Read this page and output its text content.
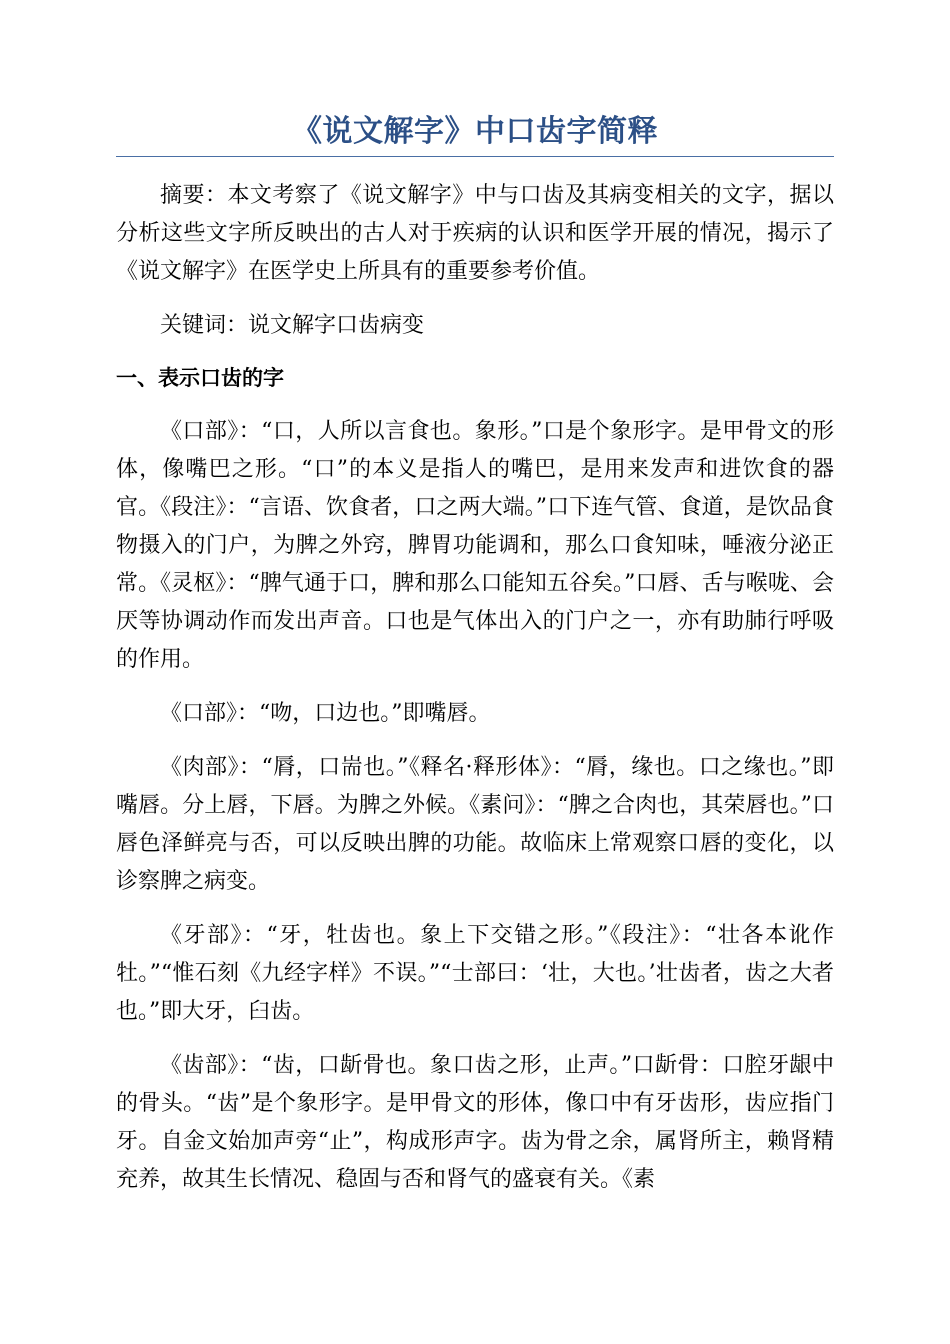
《说文解字》中口齿字简释

摘要：本文考察了《说文解字》中与口齿及其病变相关的文字，据以分析这些文字所反映出的古人对于疾病的认识和医学开展的情况，揭示了《说文解字》在医学史上所具有的重要参考价值。

关键词：说文解字口齿病变

一、表示口齿的字

《口部》：“口，人所以言食也。象形。”口是个象形字。是甲骨文的形体，像嘴巴之形。“口”的本义是指人的嘴巴，是用来发声和进饮食的器官。《段注》：“言语、饮食者，口之两大端。”口下连气管、食道，是饮品食物摄入的门户，为脾之外窍，脾胃功能调和，那么口食知味，唾液分泌正常。《灵枢》：“脾气通于口，脾和那么口能知五谷矣。”口唇、舌与喉咙、会厌等协调动作而发出声音。口也是气体出入的门户之一，亦有助肺行呼吸的作用。

《口部》：“吻，口边也。”即嘴唇。

《肉部》：“脣，口耑也。”《释名·释形体》：“脣，缘也。口之缘也。”即嘴唇。分上唇，下唇。为脾之外候。《素问》：“脾之合肉也，其荣唇也。”口唇色泽鲜亮与否，可以反映出脾的功能。故临床上常观察口唇的变化，以诊察脾之病变。

《牙部》：“牙，牡齿也。象上下交错之形。”《段注》：“壮各本讹作牡。”“惟石刻《九经字样》不误。”“士部曰：‘壮，大也。’壮齿者，齿之大者也。”即大牙，臼齿。

《齿部》：“齿，口龂骨也。象口齿之形，止声。”口龂骨：口腔牙龈中的骨头。“齿”是个象形字。是甲骨文的形体，像口中有牙齿形，齿应指门牙。自金文始加声旁“止”，构成形声字。齿为骨之余，属肾所主，赖肾精充养，故其生长情况、稳固与否和肾气的盛衰有关。《素
